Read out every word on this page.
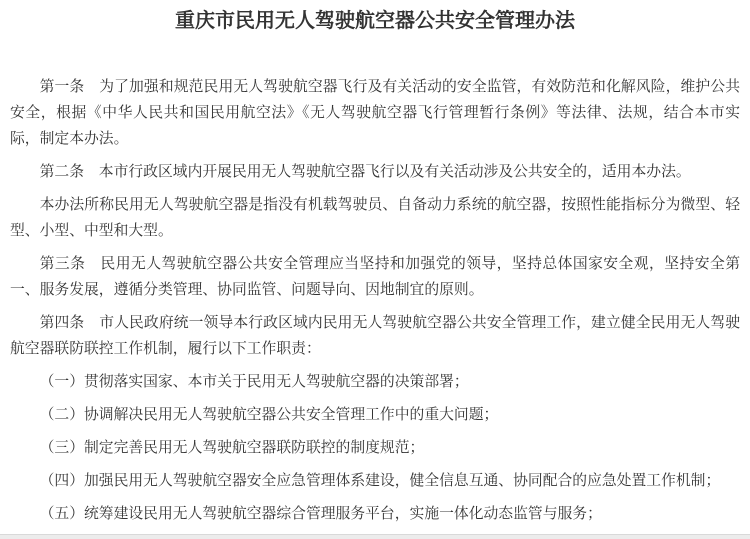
重庆市民用无人驾驶航空器公共安全管理办法

第一条　为了加强和规范民用无人驾驶航空器飞行及有关活动的安全监管，有效防范和化解风险，维护公共安全，根据《中华人民共和国民用航空法》《无人驾驶航空器飞行管理暂行条例》等法律、法规，结合本市实际，制定本办法。

第二条　本市行政区域内开展民用无人驾驶航空器飞行以及有关活动涉及公共安全的，适用本办法。

本办法所称民用无人驾驶航空器是指没有机载驾驶员、自备动力系统的航空器，按照性能指标分为微型、轻型、小型、中型和大型。

第三条　民用无人驾驶航空器公共安全管理应当坚持和加强党的领导，坚持总体国家安全观，坚持安全第一、服务发展，遵循分类管理、协同监管、问题导向、因地制宜的原则。

第四条　市人民政府统一领导本行政区域内民用无人驾驶航空器公共安全管理工作，建立健全民用无人驾驶航空器联防联控工作机制，履行以下工作职责：

（一）贯彻落实国家、本市关于民用无人驾驶航空器的决策部署；

（二）协调解决民用无人驾驶航空器公共安全管理工作中的重大问题；

（三）制定完善民用无人驾驶航空器联防联控的制度规范；

（四）加强民用无人驾驶航空器安全应急管理体系建设，健全信息互通、协同配合的应急处置工作机制；

（五）统筹建设民用无人驾驶航空器综合管理服务平台，实施一体化动态监管与服务；
